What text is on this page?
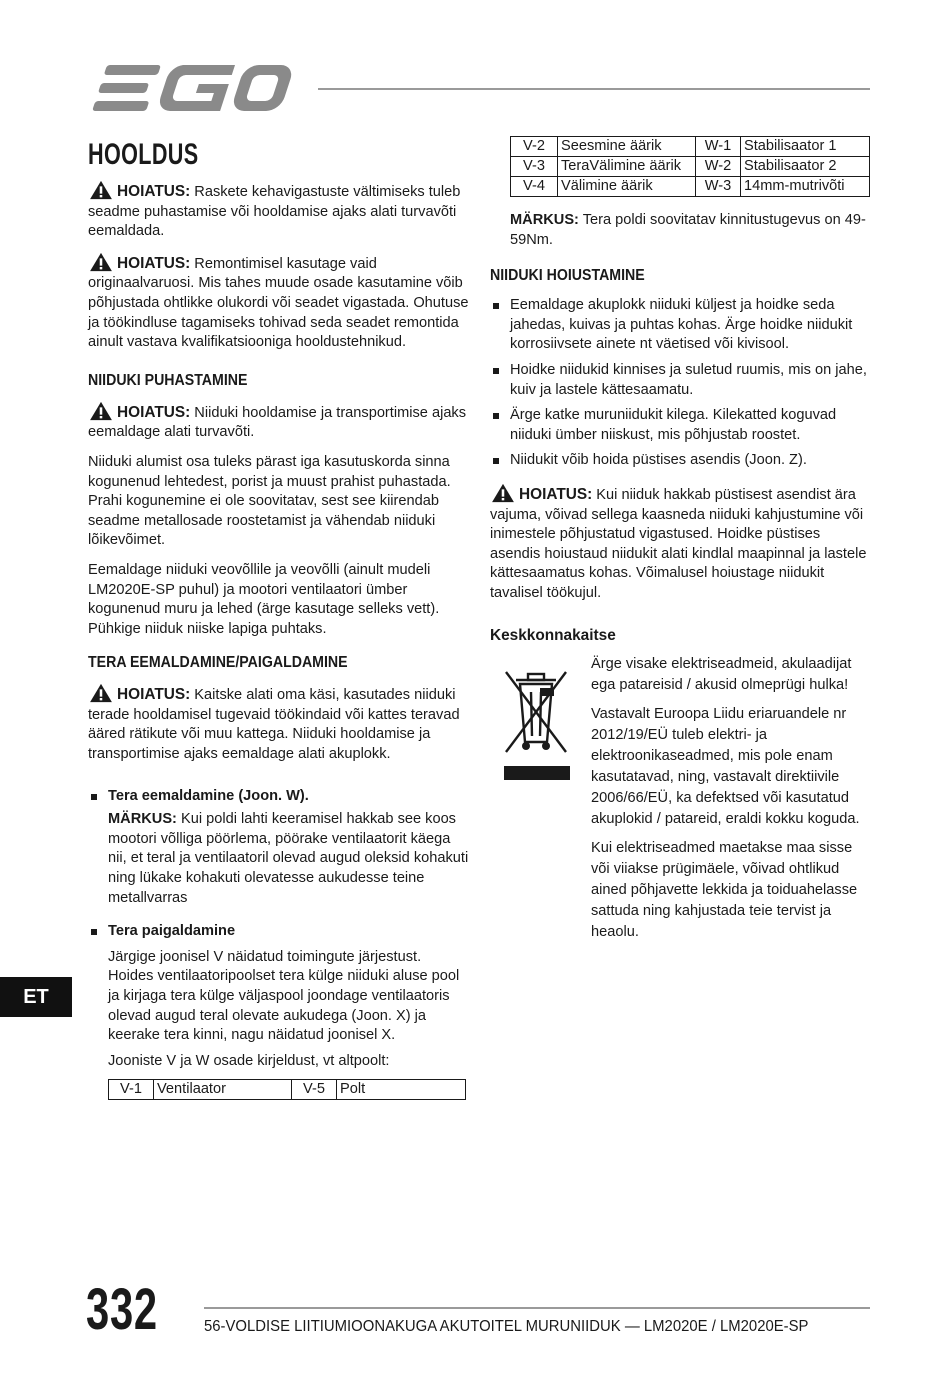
HOOLDUS

HOIATUS: Raskete kehavigastuste vältimiseks tuleb seadme puhastamise või hooldamise ajaks alati turvavõti eemaldada.

HOIATUS: Remontimisel kasutage vaid originaalvaruosi. Mis tahes muude osade kasutamine võib põhjustada ohtlikke olukordi või seadet vigastada. Ohutuse ja töökindluse tagamiseks tohivad seda seadet remontida ainult vastava kvalifikatsiooniga hooldustehnikud.

NIIDUKI PUHASTAMINE

HOIATUS: Niiduki hooldamise ja transportimise ajaks eemaldage alati turvavõti.

Niiduki alumist osa tuleks pärast iga kasutuskorda sinna kogunenud lehtedest, porist ja muust prahist puhastada. Prahi kogunemine ei ole soovitatav, sest see kiirendab seadme metallosade roostetamist ja vähendab niiduki lõikevõimet.

Eemaldage niiduki veovõllile ja veovõlli (ainult mudeli LM2020E-SP puhul) ja mootori ventilaatori ümber kogunenud muru ja lehed (ärge kasutage selleks vett). Pühkige niiduk niiske lapiga puhtaks.

TERA EEMALDAMINE/PAIGALDAMINE

HOIATUS: Kaitske alati oma käsi, kasutades niiduki terade hooldamisel tugevaid töökindaid või kattes teravad ääred rätikute või muu kattega. Niiduki hooldamise ja transportimise ajaks eemaldage alati akuplokk.

Tera eemaldamine (Joon. W).
MÄRKUS: Kui poldi lahti keeramisel hakkab see koos mootori võlliga pöörlema, pöörake ventilaatorit käega nii, et teral ja ventilaatoril olevad augud oleksid kohakuti ning lükake kohakuti olevatesse aukudesse teine metallvarras
Tera paigaldamine
Järgige joonisel V näidatud toimingute järjestust. Hoides ventilaatoripoolset tera külge niiduki aluse pool ja kirjaga tera külge väljaspool joondage ventilaatoris olevad augud teral olevate aukudega (Joon. X) ja keerake tera kinni, nagu näidatud joonisel X.
Jooniste V ja W osade kirjeldust, vt altpoolt:
V-1	Ventilaator	V-5	Polt
V-2	Seesmine äärik	W-1	Stabilisaator 1
V-3	TeraVälimine äärik	W-2	Stabilisaator 2
V-4	Välimine äärik	W-3	14mm-mutrivõti

MÄRKUS: Tera poldi soovitatav kinnitustugevus on 49-59Nm.

NIIDUKI HOIUSTAMINE
Eemaldage akuplokk niiduki küljest ja hoidke seda jahedas, kuivas ja puhtas kohas. Ärge hoidke niidukit korrosiivsete ainete nt väetised või kivisool.
Hoidke niidukid kinnises ja suletud ruumis, mis on jahe, kuiv ja lastele kättesaamatu.
Ärge katke muruniidukit kilega. Kilekatted koguvad niiduki ümber niiskust, mis põhjustab roostet.
Niidukit võib hoida püstises asendis (Joon. Z).

HOIATUS: Kui niiduk hakkab püstisest asendist ära vajuma, võivad sellega kaasneda niiduki kahjustumine või inimestele põhjustatud vigastused. Hoidke püstises asendis hoiustaud niidukit alati kindlal maapinnal ja lastele kättesaamatus kohas. Võimalusel hoiustage niidukit tavalisel töökujul.

Keskkonnakaitse

Ärge visake elektriseadmeid, akulaadijat ega patareisid / akusid olmeprügi hulka!

Vastavalt Euroopa Liidu eriaruandele nr 2012/19/EÜ tuleb elektri- ja elektroonikaseadmed, mis pole enam kasutatavad, ning, vastavalt direktiivile 2006/66/EÜ, ka defektsed või kasutatud akuplokid / patareid, eraldi kokku koguda.

Kui elektriseadmed maetakse maa sisse või viiakse prügimäele, võivad ohtlikud ained põhjavette lekkida ja toiduahelasse sattuda ning kahjustada teie tervist ja heaolu.

ET
332	56-VOLDISE LIITIUMIOONAKUGA AKUTOITEL MURUNIIDUK — LM2020E / LM2020E-SP
